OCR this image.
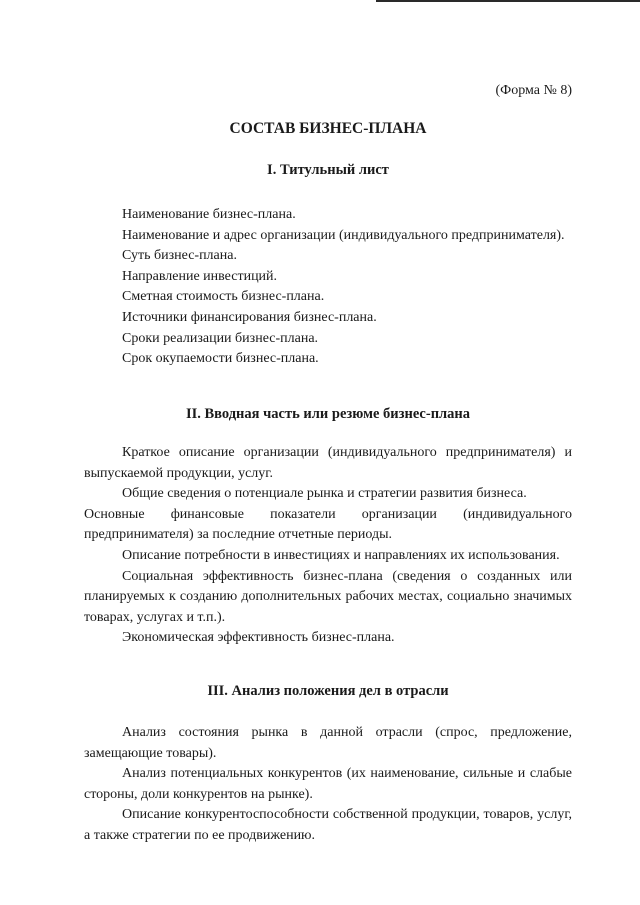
(Форма № 8)
СОСТАВ БИЗНЕС-ПЛАНА
I. Титульный лист
Наименование бизнес-плана.
Наименование и адрес организации (индивидуального предпринимателя).
Суть бизнес-плана.
Направление инвестиций.
Сметная стоимость бизнес-плана.
Источники финансирования бизнес-плана.
Сроки реализации бизнес-плана.
Срок окупаемости бизнес-плана.
II. Вводная часть или резюме бизнес-плана
Краткое описание организации (индивидуального предпринимателя) и выпускаемой продукции, услуг.
Общие сведения о потенциале рынка и стратегии развития бизнеса.
Основные финансовые показатели организации (индивидуального предпринимателя) за последние отчетные периоды.
Описание потребности в инвестициях и направлениях их использования.
Социальная эффективность бизнес-плана (сведения о созданных или планируемых к созданию дополнительных рабочих местах, социально значимых товарах, услугах и т.п.).
Экономическая эффективность бизнес-плана.
III. Анализ положения дел в отрасли
Анализ состояния рынка в данной отрасли (спрос, предложение, замещающие товары).
Анализ потенциальных конкурентов (их наименование, сильные и слабые стороны, доли конкурентов на рынке).
Описание конкурентоспособности собственной продукции, товаров, услуг, а также стратегии по ее продвижению.
